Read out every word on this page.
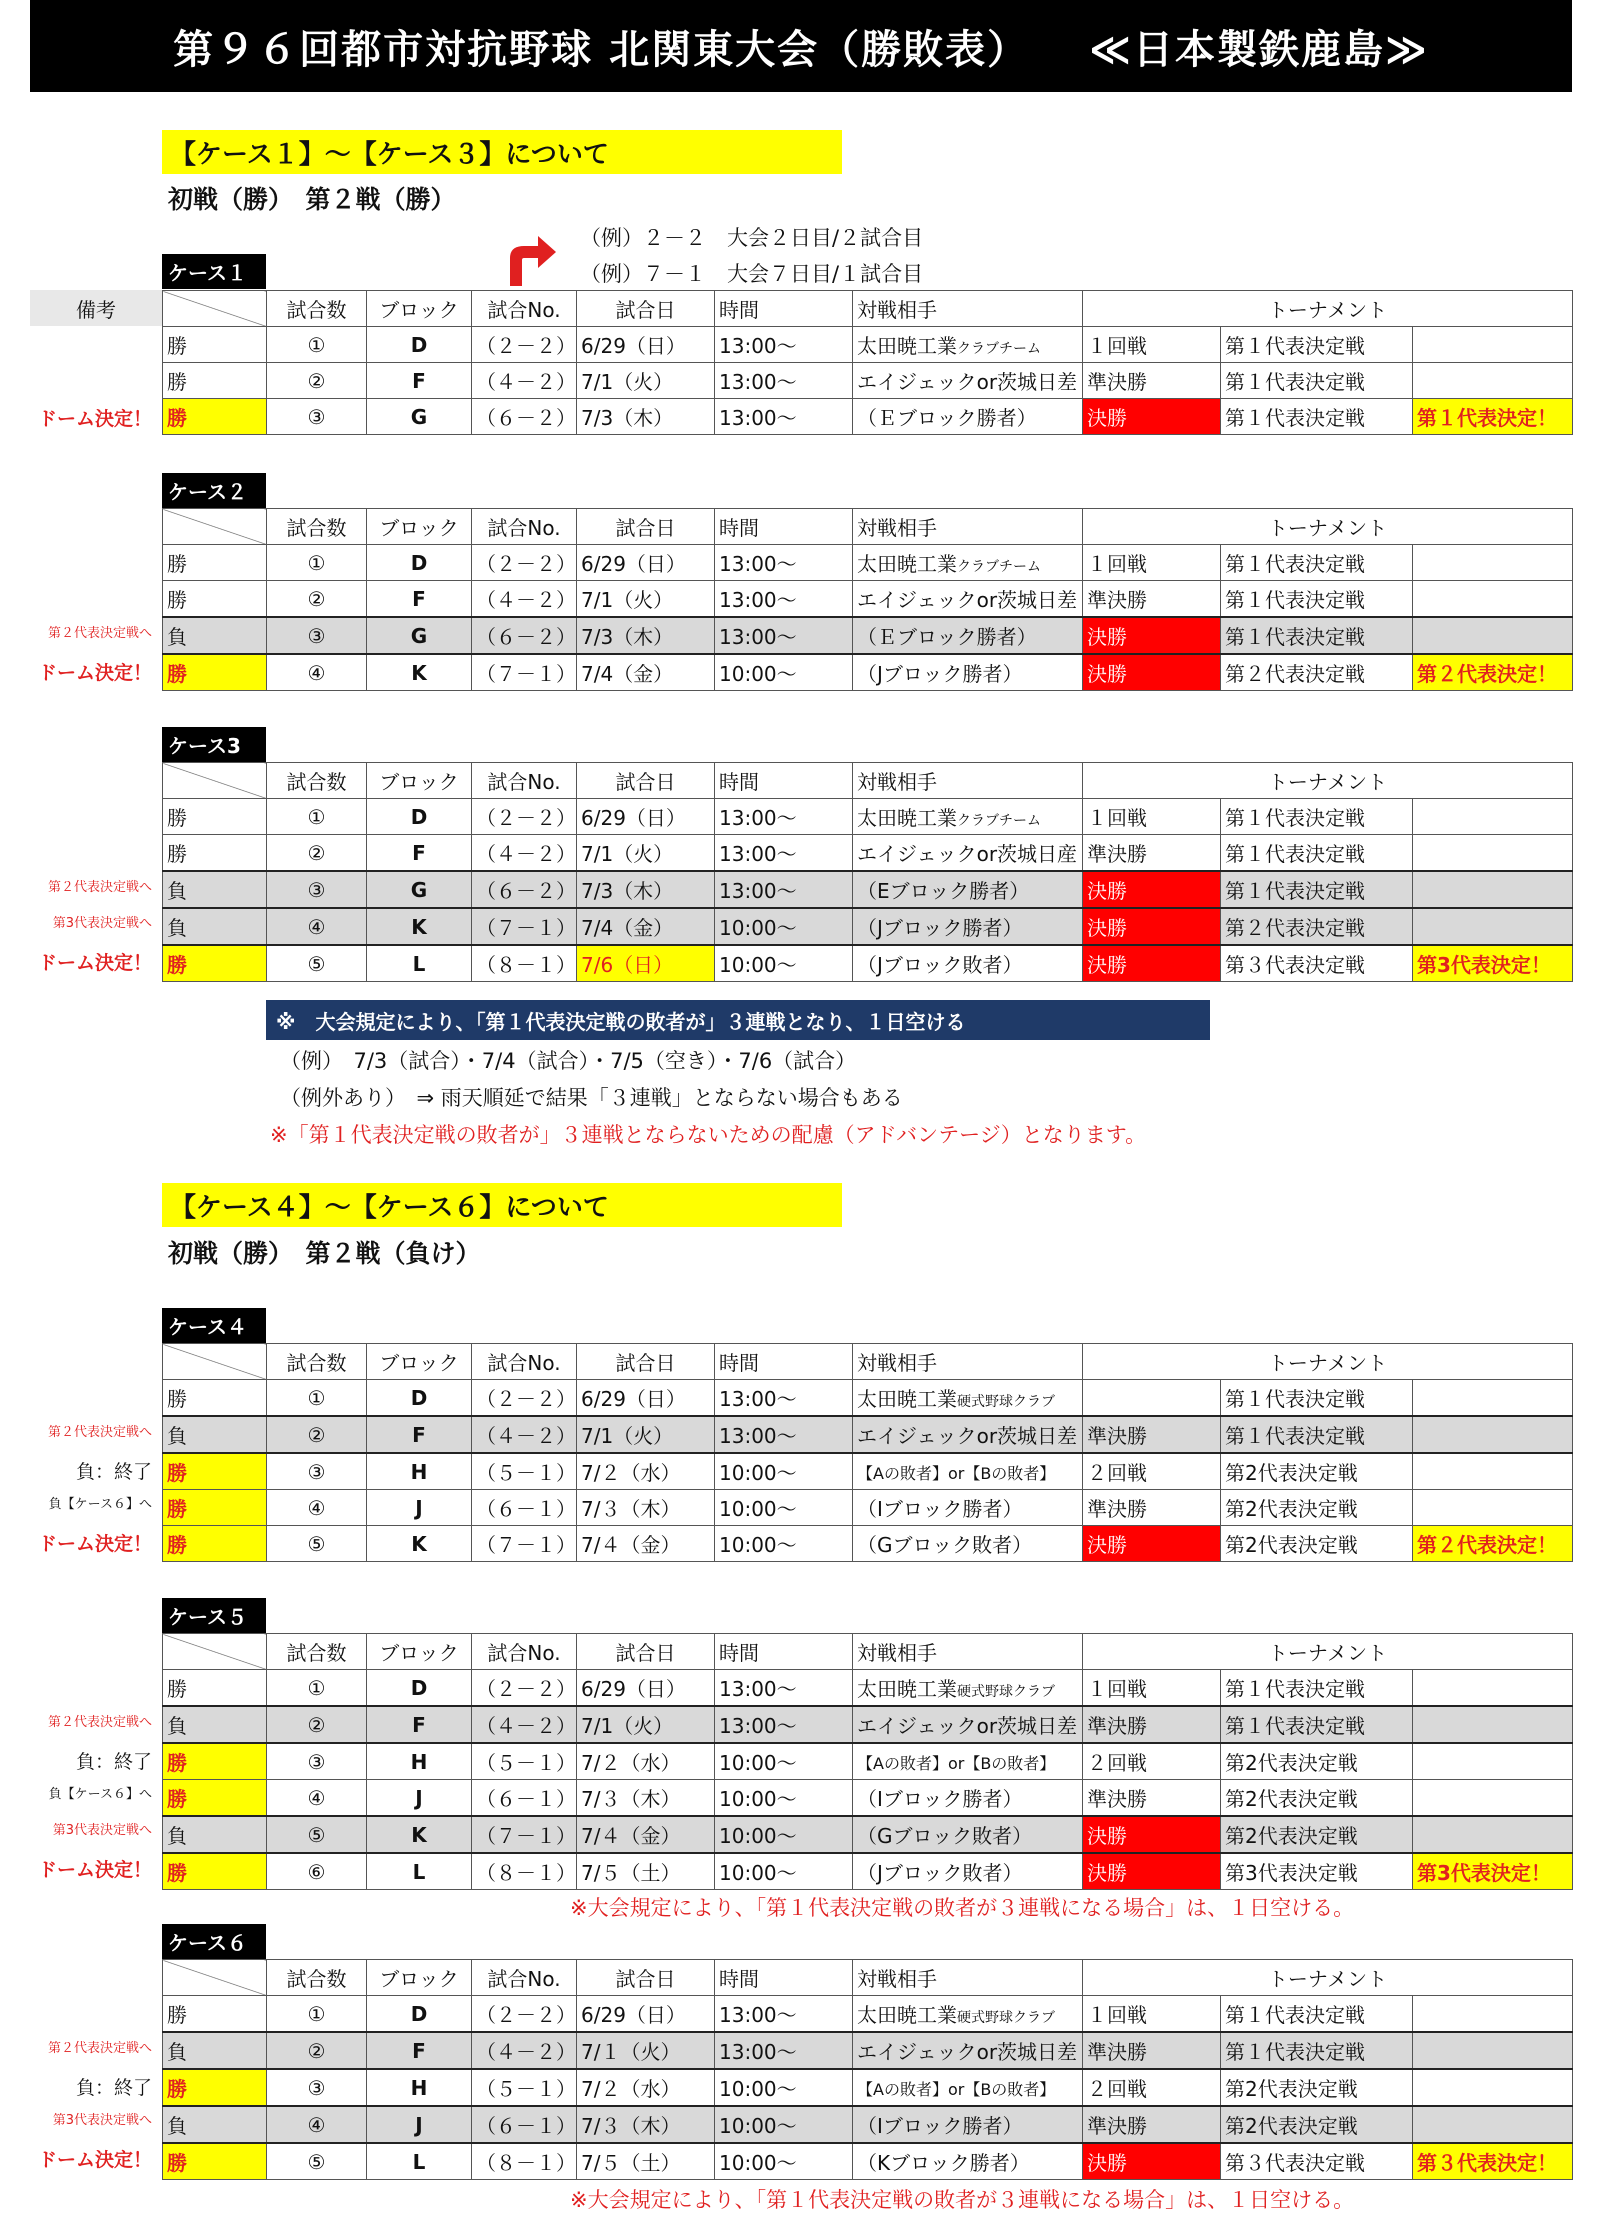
第９６回都市対抗野球 北関東大会（勝敗表） ≪日本製鉄鹿島≫
【ケース１】～【ケース３】について
初戦（勝）　第２戦（勝）
（例）２－２　大会２日目/２試合目
（例）７－１　大会７日目/１試合目
備考
ケース１
ドーム決定！
	試合数	ブロック	試合No.	試合日	時間	対戦相手	トーナメント		
勝	①	D	（２－２）	6/29（日）	13:00～	太田暁工業クラブチーム	１回戦	第１代表決定戦	
勝	②	F	（４－２）	7/1（火）	13:00～	エイジェックor茨城日差	準決勝	第１代表決定戦	
勝	③	G	（６－２）	7/3（木）	13:00～	（Ｅブロック勝者）	決勝	第１代表決定戦	第１代表決定！
ケース２
第２代表決定戦へ
ドーム決定！
	試合数	ブロック	試合No.	試合日	時間	対戦相手	トーナメント		
勝	①	D	（２－２）	6/29（日）	13:00～	太田暁工業クラブチーム	１回戦	第１代表決定戦	
勝	②	F	（４－２）	7/1（火）	13:00～	エイジェックor茨城日差	準決勝	第１代表決定戦	
負	③	G	（６－２）	7/3（木）	13:00～	（Ｅブロック勝者）	決勝	第１代表決定戦	
勝	④	K	（７－１）	7/4（金）	10:00～	（Jブロック勝者）	決勝	第２代表決定戦	第２代表決定！
ケース3
第２代表決定戦へ
第3代表決定戦へ
ドーム決定！
	試合数	ブロック	試合No.	試合日	時間	対戦相手	トーナメント		
勝	①	D	（２－２）	6/29（日）	13:00～	太田暁工業クラブチーム	１回戦	第１代表決定戦	
勝	②	F	（４－２）	7/1（火）	13:00～	エイジェックor茨城日産	準決勝	第１代表決定戦	
負	③	G	（６－２）	7/3（木）	13:00～	（Eブロック勝者）	決勝	第１代表決定戦	
負	④	K	（７－１）	7/4（金）	10:00～	（Jブロック勝者）	決勝	第２代表決定戦	
勝	⑤	L	（８－１）	7/6（日）	10:00～	（Jブロック敗者）	決勝	第３代表決定戦	第3代表決定！
ケース４
第２代表決定戦へ
負：終了
負【ケース６】へ
ドーム決定！
	試合数	ブロック	試合No.	試合日	時間	対戦相手	トーナメント		
勝	①	D	（２－２）	6/29（日）	13:00～	太田暁工業硬式野球クラブ		第１代表決定戦	
負	②	F	（４－２）	7/1（火）	13:00～	エイジェックor茨城日差	準決勝	第１代表決定戦	
勝	③	H	（５－１）	7/２（水）	10:00～	【Aの敗者】or【Bの敗者】	２回戦	第2代表決定戦	
勝	④	J	（６－１）	7/３（木）	10:00～	（Iブロック勝者）	準決勝	第2代表決定戦	
勝	⑤	K	（７－１）	7/４（金）	10:00～	（Gブロック敗者）	決勝	第2代表決定戦	第２代表決定！
ケース５
第２代表決定戦へ
負：終了
負【ケース６】へ
第3代表決定戦へ
ドーム決定！
	試合数	ブロック	試合No.	試合日	時間	対戦相手	トーナメント		
勝	①	D	（２－２）	6/29（日）	13:00～	太田暁工業硬式野球クラブ	１回戦	第１代表決定戦	
負	②	F	（４－２）	7/1（火）	13:00～	エイジェックor茨城日差	準決勝	第１代表決定戦	
勝	③	H	（５－１）	7/２（水）	10:00～	【Aの敗者】or【Bの敗者】	２回戦	第2代表決定戦	
勝	④	J	（６－１）	7/３（木）	10:00～	（Iブロック勝者）	準決勝	第2代表決定戦	
負	⑤	K	（７－１）	7/４（金）	10:00～	（Gブロック敗者）	決勝	第2代表決定戦	
勝	⑥	L	（８－１）	7/５（土）	10:00～	（Jブロック敗者）	決勝	第3代表決定戦	第3代表決定！
ケース６
第２代表決定戦へ
負：終了
第3代表決定戦へ
ドーム決定！
	試合数	ブロック	試合No.	試合日	時間	対戦相手	トーナメント		
勝	①	D	（２－２）	6/29（日）	13:00～	太田暁工業硬式野球クラブ	１回戦	第１代表決定戦	
負	②	F	（４－２）	7/１（火）	13:00～	エイジェックor茨城日差	準決勝	第１代表決定戦	
勝	③	H	（５－１）	7/２（水）	10:00～	【Aの敗者】or【Bの敗者】	２回戦	第2代表決定戦	
負	④	J	（６－１）	7/３（木）	10:00～	（Iブロック勝者）	準決勝	第2代表決定戦	
勝	⑤	L	（８－１）	7/５（土）	10:00～	（Kブロック勝者）	決勝	第３代表決定戦	第３代表決定！
※　大会規定により、「第１代表決定戦の敗者が」３連戦となり、１日空ける
（例）　7/3（試合）・7/4（試合）・7/5（空き）・7/6（試合）
（例外あり）　⇒ 雨天順延で結果「３連戦」とならない場合もある
※「第１代表決定戦の敗者が」３連戦とならないための配慮（アドバンテージ）となります。
【ケース４】～【ケース６】について
初戦（勝）　第２戦（負け）
※大会規定により、「第１代表決定戦の敗者が３連戦になる場合」は、１日空ける。
※大会規定により、「第１代表決定戦の敗者が３連戦になる場合」は、１日空ける。
